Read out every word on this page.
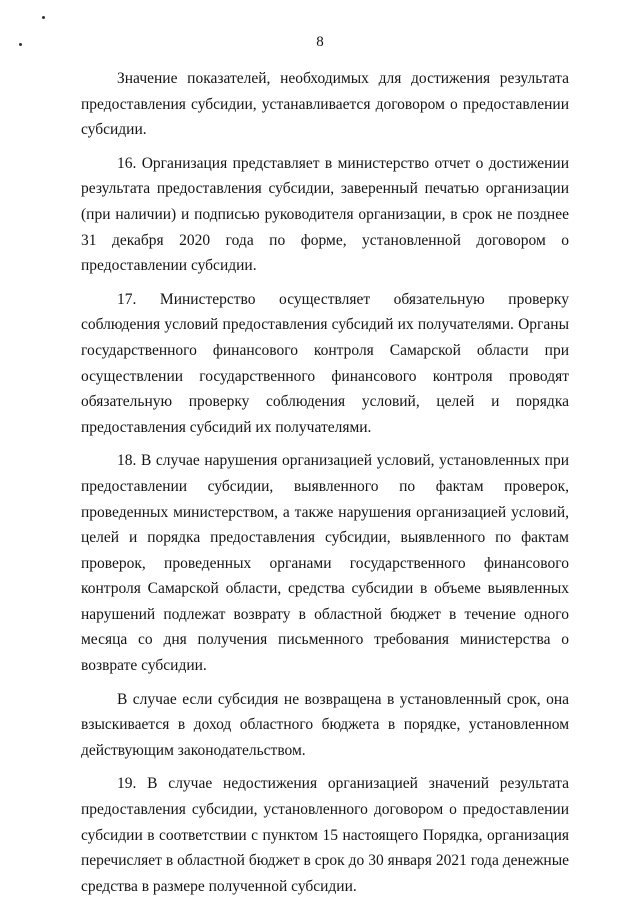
8

Значение показателей, необходимых для достижения результата предоставления субсидии, устанавливается договором о предоставлении субсидии.

16. Организация представляет в министерство отчет о достижении результата предоставления субсидии, заверенный печатью организации (при наличии) и подписью руководителя организации, в срок не позднее 31 декабря 2020 года по форме, установленной договором о предоставлении субсидии.

17. Министерство осуществляет обязательную проверку соблюдения условий предоставления субсидий их получателями. Органы государственного финансового контроля Самарской области при осуществлении государственного финансового контроля проводят обязательную проверку соблюдения условий, целей и порядка предоставления субсидий их получателями.

18. В случае нарушения организацией условий, установленных при предоставлении субсидии, выявленного по фактам проверок, проведенных министерством, а также нарушения организацией условий, целей и порядка предоставления субсидии, выявленного по фактам проверок, проведенных органами государственного финансового контроля Самарской области, средства субсидии в объеме выявленных нарушений подлежат возврату в областной бюджет в течение одного месяца со дня получения письменного требования министерства о возврате субсидии.

В случае если субсидия не возвращена в установленный срок, она взыскивается в доход областного бюджета в порядке, установленном действующим законодательством.

19. В случае недостижения организацией значений результата предоставления субсидии, установленного договором о предоставлении субсидии в соответствии с пунктом 15 настоящего Порядка, организация перечисляет в областной бюджет в срок до 30 января 2021 года денежные средства в размере полученной субсидии.
